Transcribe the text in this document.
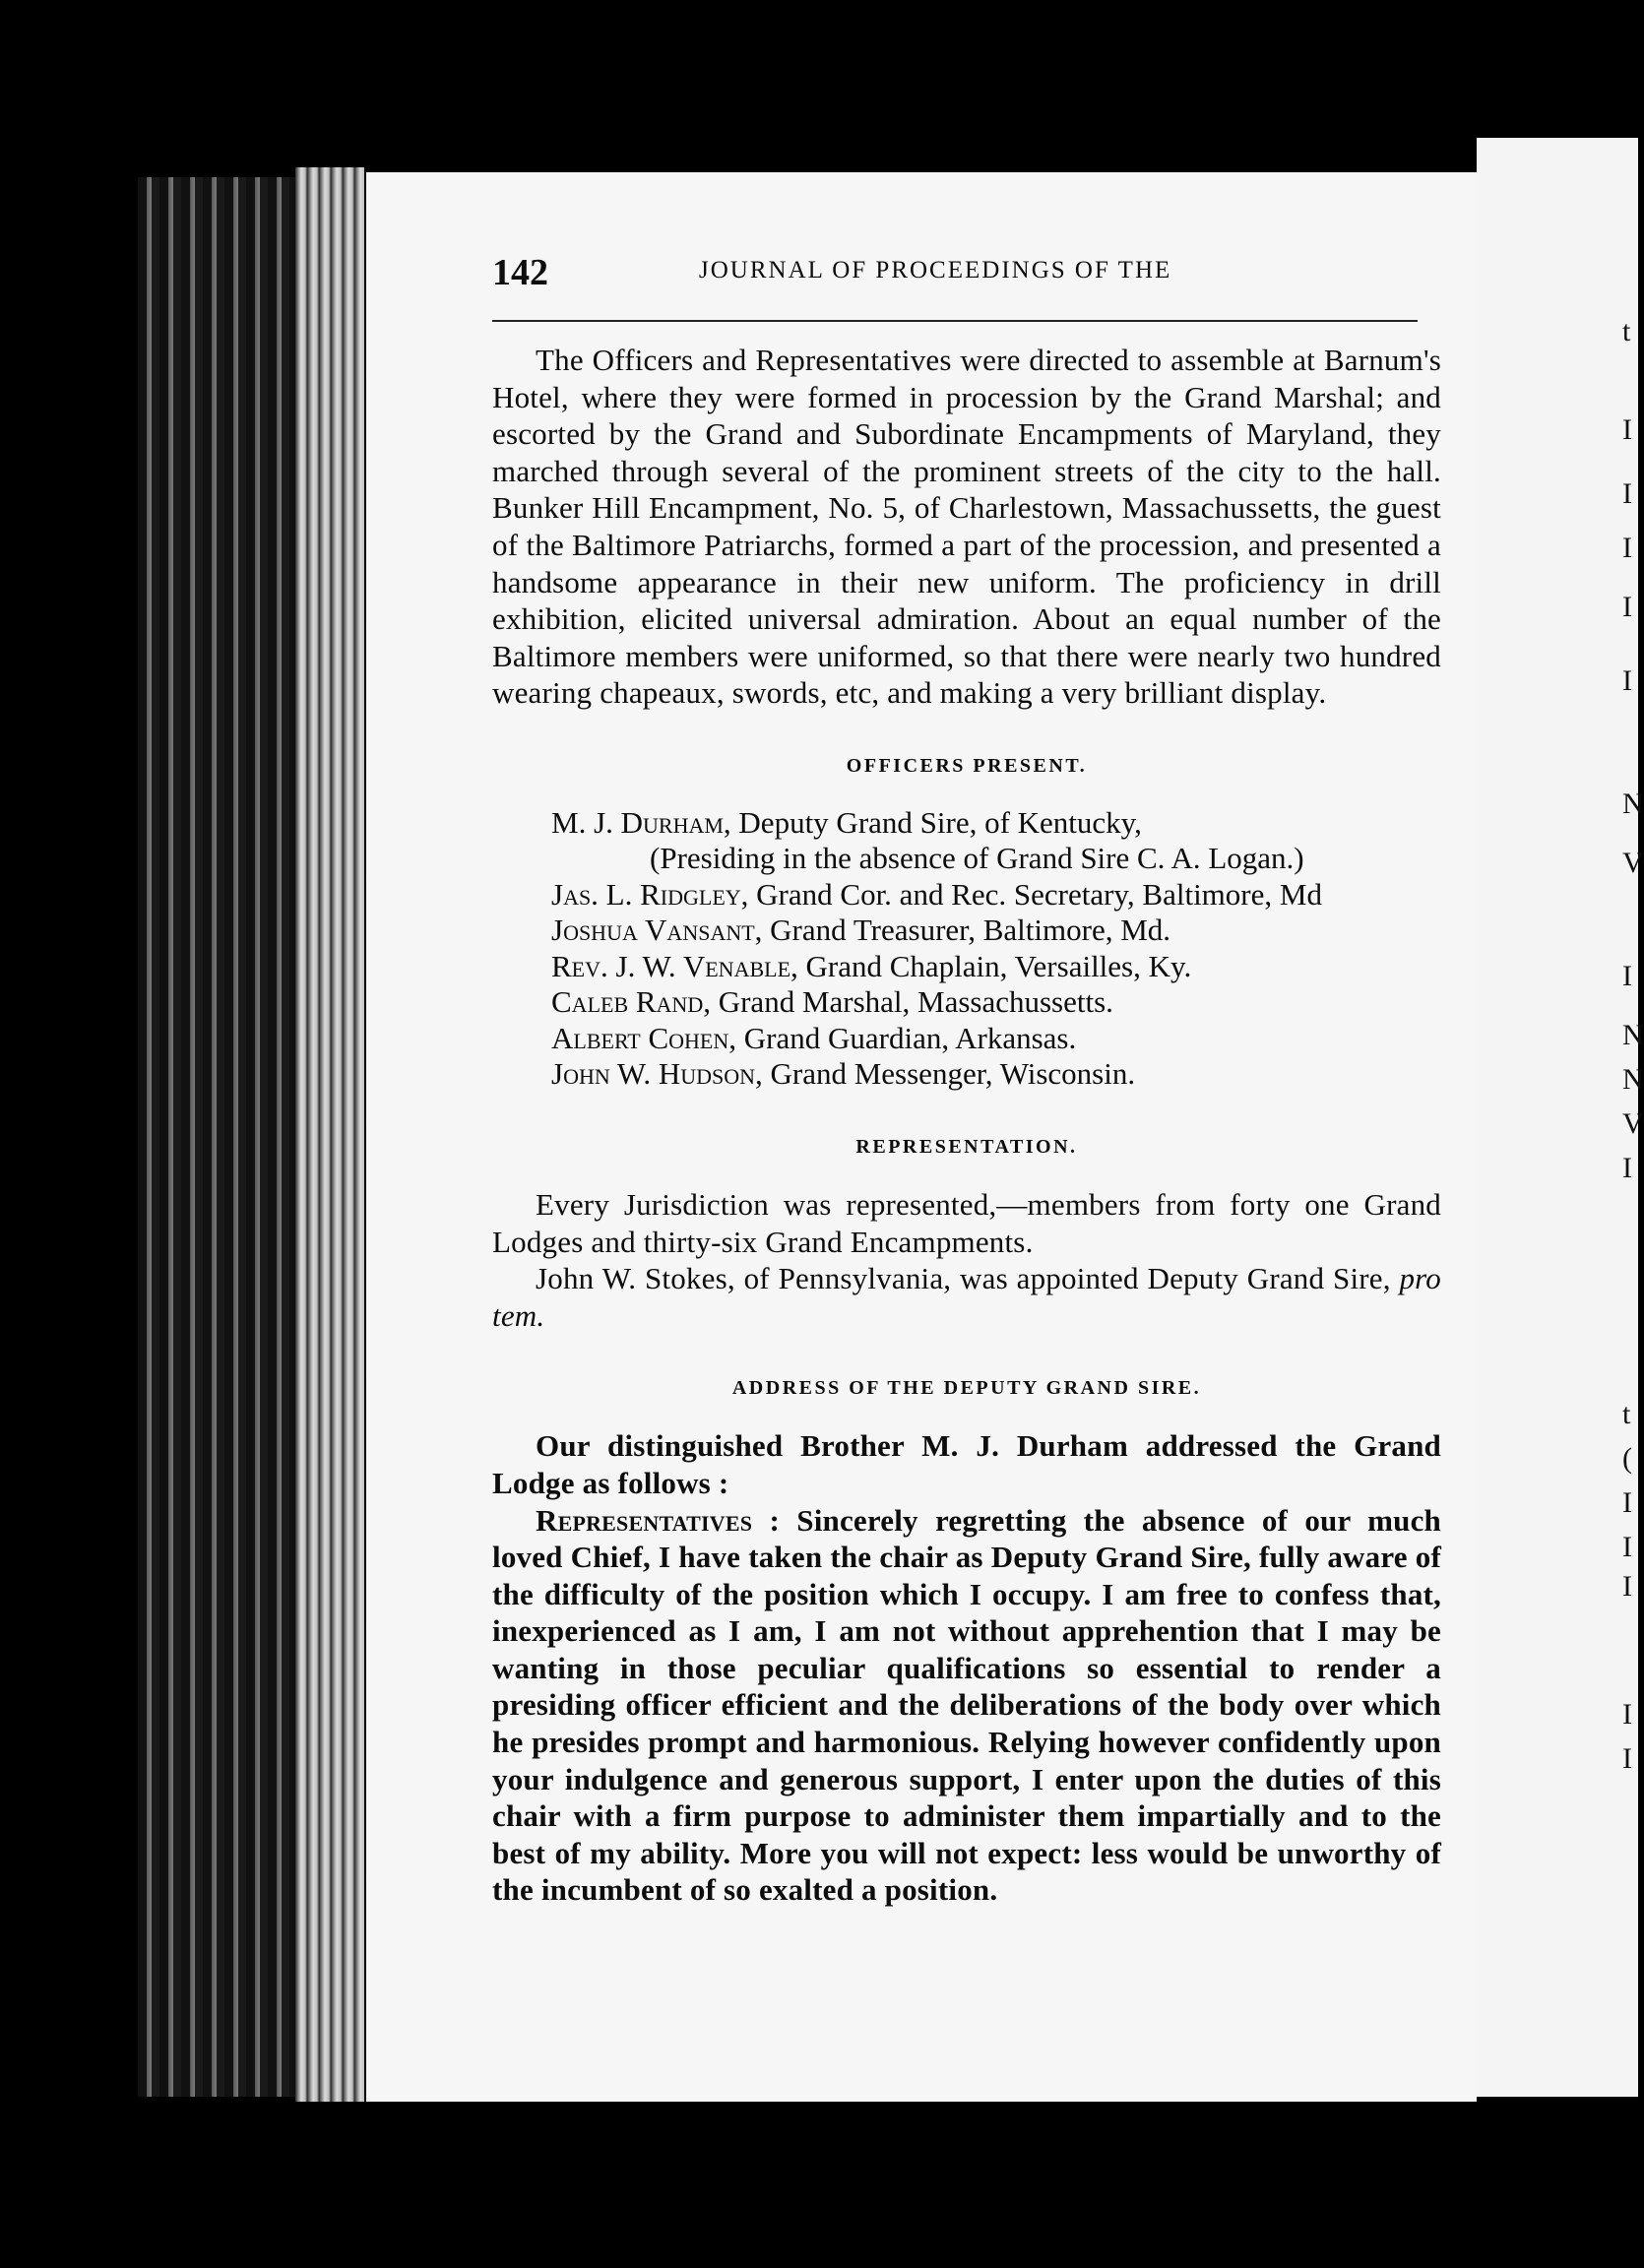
t
I
I
I
I
I
N
V
I
N
N
V
I
t
(
I
I
I
I
I
142	JOURNAL OF PROCEEDINGS OF THE

The Officers and Representatives were directed to assemble at Barnum's Hotel, where they were formed in procession by the Grand Marshal; and escorted by the Grand and Subordinate Encampments of Maryland, they marched through several of the prominent streets of the city to the hall. Bunker Hill Encampment, No. 5, of Charlestown, Massachussetts, the guest of the Baltimore Patriarchs, formed a part of the procession, and presented a handsome appearance in their new uniform. The proficiency in drill exhibition, elicited universal admiration. About an equal number of the Baltimore members were uniformed, so that there were nearly two hundred wearing chapeaux, swords, etc, and making a very brilliant display.

OFFICERS PRESENT.
M. J. Durham, Deputy Grand Sire, of Kentucky,
(Presiding in the absence of Grand Sire C. A. Logan.)
Jas. L. Ridgley, Grand Cor. and Rec. Secretary, Baltimore, Md
Joshua Vansant, Grand Treasurer, Baltimore, Md.
Rev. J. W. Venable, Grand Chaplain, Versailles, Ky.
Caleb Rand, Grand Marshal, Massachussetts.
Albert Cohen, Grand Guardian, Arkansas.
John W. Hudson, Grand Messenger, Wisconsin.
REPRESENTATION.

Every Jurisdiction was represented,—members from forty one Grand Lodges and thirty-six Grand Encampments.

John W. Stokes, of Pennsylvania, was appointed Deputy Grand Sire, pro tem.

ADDRESS OF THE DEPUTY GRAND SIRE.

Our distinguished Brother M. J. Durham addressed the Grand Lodge as follows :

Representatives : Sincerely regretting the absence of our much loved Chief, I have taken the chair as Deputy Grand Sire, fully aware of the difficulty of the position which I occupy. I am free to confess that, inexperienced as I am, I am not without apprehention that I may be wanting in those peculiar qualifications so essential to render a presiding officer efficient and the deliberations of the body over which he presides prompt and harmonious. Relying however confidently upon your indulgence and generous support, I enter upon the duties of this chair with a firm purpose to administer them impartially and to the best of my ability. More you will not expect: less would be unworthy of the incumbent of so exalted a position.
